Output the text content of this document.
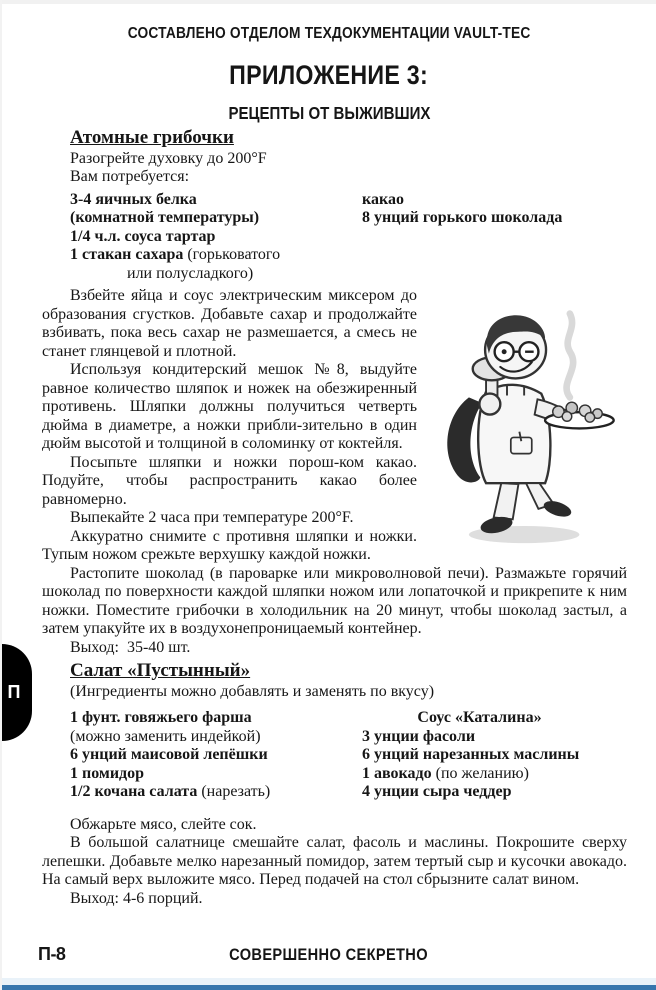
СОСТАВЛЕНО ОТДЕЛОМ ТЕХДОКУМЕНТАЦИИ VAULT-TEC
ПРИЛОЖЕНИЕ 3:
РЕЦЕПТЫ ОТ ВЫЖИВШИХ
Атомные грибочки

Разогрейте духовку до 200°F

Вам потребуется:

3-4 яичных белка
(комнатной температуры)
1/4 ч.л. соуса тартар
1 стакан сахара (горьковатого
или полусладкого)
какао
8 унций горького шоколада

Взбейте яйца и соус электрическим миксером до образования сгустков. Добавьте сахар и продолжайте взбивать, пока весь сахар не размешается, а смесь не станет глянцевой и плотной.

Используя кондитерский мешок №8, выдуйте равное количество шляпок и ножек на обезжиренный противень. Шляпки должны получиться четверть дюйма в диаметре, а ножки прибли-зительно в один дюйм высотой и толщиной в соломинку от коктейля.

Посыпьте шляпки и ножки порош-ком какао. Подуйте, чтобы распространить какао более равномерно.

Выпекайте 2 часа при температуре 200°F.

Аккуратно снимите с противня шляпки и ножки. Тупым ножом срежьте верхушку каждой ножки.

Растопите шоколад (в пароварке или микроволновой печи). Размажьте горячий шоколад по поверхности каждой шляпки ножом или лопаточкой и прикрепите к ним ножки. Поместите грибочки в холодильник на 20 минут, чтобы шоколад застыл, а затем упакуйте их в воздухонепроницаемый контейнер.

Выход:  35-40 шт.

Салат «Пустынный»

(Ингредиенты можно добавлять и заменять по вкусу)

1 фунт. говяжьего фарша
(можно заменить индейкой)
6 унций маисовой лепёшки
1 помидор
1/2 кочана салата (нарезать)
Соус «Каталина»
3 унции фасоли
6 унций нарезанных маслины
1 авокадо (по желанию)
4 унции сыра чеддер

Обжарьте мясо, слейте сок.

В большой салатнице смешайте салат, фасоль и маслины. Покрошите сверху лепешки. Добавьте мелко нарезанный помидор, затем тертый сыр и кусочки авокадо. На самый верх выложите мясо. Перед подачей на стол сбрызните салат вином.

Выход: 4-6 порций.

П
П-8	СОВЕРШЕННО СЕКРЕТНО
